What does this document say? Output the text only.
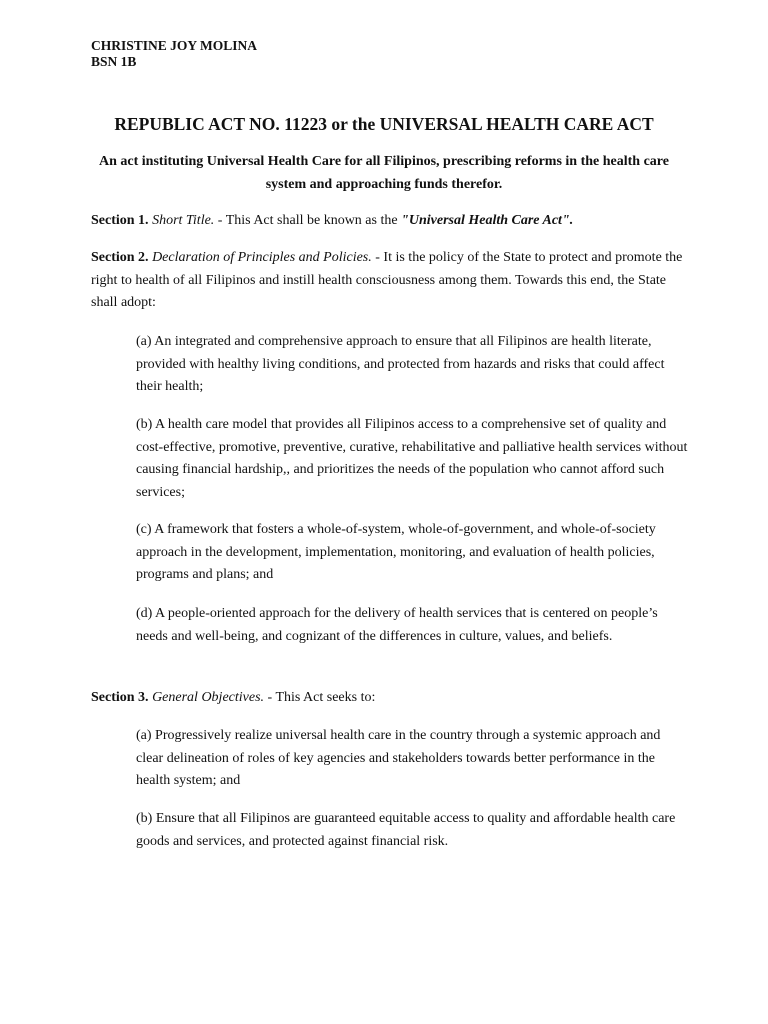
CHRISTINE JOY MOLINA
BSN 1B
REPUBLIC ACT NO. 11223 or the UNIVERSAL HEALTH CARE ACT
An act instituting Universal Health Care for all Filipinos, prescribing reforms in the health care system and approaching funds therefor.
Section 1. Short Title. - This Act shall be known as the "Universal Health Care Act".
Section 2. Declaration of Principles and Policies. - It is the policy of the State to protect and promote the right to health of all Filipinos and instill health consciousness among them. Towards this end, the State shall adopt:
(a) An integrated and comprehensive approach to ensure that all Filipinos are health literate, provided with healthy living conditions, and protected from hazards and risks that could affect their health;
(b) A health care model that provides all Filipinos access to a comprehensive set of quality and cost-effective, promotive, preventive, curative, rehabilitative and palliative health services without causing financial hardship,, and prioritizes the needs of the population who cannot afford such services;
(c) A framework that fosters a whole-of-system, whole-of-government, and whole-of-society approach in the development, implementation, monitoring, and evaluation of health policies, programs and plans; and
(d) A people-oriented approach for the delivery of health services that is centered on people’s needs and well-being, and cognizant of the differences in culture, values, and beliefs.
Section 3. General Objectives. - This Act seeks to:
(a) Progressively realize universal health care in the country through a systemic approach and clear delineation of roles of key agencies and stakeholders towards better performance in the health system; and
(b) Ensure that all Filipinos are guaranteed equitable access to quality and affordable health care goods and services, and protected against financial risk.
